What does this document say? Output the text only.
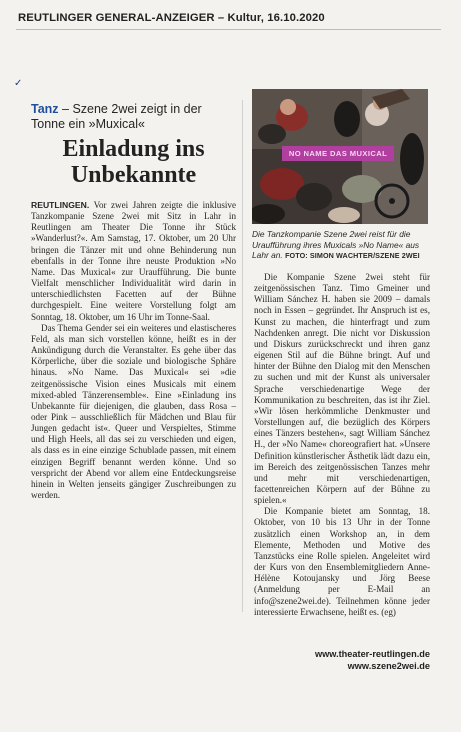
REUTLINGER GENERAL-ANZEIGER – Kultur, 16.10.2020
✓

Tanz – Szene 2wei zeigt in der Tonne ein »Muxical«

Einladung ins Unbekannte

REUTLINGEN. Vor zwei Jahren zeigte die inklusive Tanzkompanie Szene 2wei mit Sitz in Lahr in Reutlingen am Theater Die Tonne ihr Stück »Wanderlust?«. Am Samstag, 17. Oktober, um 20 Uhr bringen die Tänzer mit und ohne Behinderung nun ebenfalls in der Tonne ihre neuste Produktion »No Name. Das Muxical« zur Uraufführung. Die bunte Vielfalt menschlicher Individualität wird darin in unterschiedlichsten Facetten auf der Bühne durchgespielt. Eine weitere Vorstellung folgt am Sonntag, 18. Oktober, um 16 Uhr im Tonne-Saal.

Das Thema Gender sei ein weiteres und elastischeres Feld, als man sich vorstellen könne, heißt es in der Ankündigung durch die Veranstalter. Es gehe über das Körperliche, über die soziale und biologische Sphäre hinaus. »No Name. Das Muxical« sei »die zeitgenössische Vision eines Musicals mit einem mixed-abled Tänzerensemble«. Eine »Einladung ins Unbekannte für diejenigen, die glauben, dass Rosa – oder Pink – ausschließlich für Mädchen und Blau für Jungen gedacht ist«. Queer und Verspieltes, Stimme und High Heels, all das sei zu verschieden und eigen, als dass es in eine einzige Schublade passen, mit einem einzigen Begriff benannt werden könne. Und so verspricht der Abend vor allem eine Entdeckungsreise hinein in Welten jenseits gängiger Zuschreibungen zu werden.

NO NAME DAS MUXICAL
Die Tanzkompanie Szene 2wei reist für die Uraufführung ihres Muxicals »No Name« aus Lahr an. FOTO: SIMON WACHTER/SZENE 2WEI

Die Kompanie Szene 2wei steht für zeitgenössischen Tanz. Timo Gmeiner und William Sánchez H. haben sie 2009 – damals noch in Essen – gegründet. Ihr Anspruch ist es, Kunst zu machen, die hinterfragt und zum Nachdenken anregt. Die nicht vor Diskussion und Diskurs zurückschreckt und ihren ganz eigenen Stil auf die Bühne bringt. Auf und hinter der Bühne den Dialog mit den Menschen zu suchen und mit der Kunst als universaler Sprache verschiedenartige Wege der Kommunikation zu beschreiten, das ist ihr Ziel. »Wir lösen herkömmliche Denkmuster und Vorstellungen auf, die bezüglich des Körpers eines Tänzers bestehen«, sagt William Sánchez H., der »No Name« choreografiert hat. »Unsere Definition künstlerischer Ästhetik lädt dazu ein, im Bereich des zeitgenössischen Tanzes mehr und mehr mit verschiedenartigen, facettenreichen Körpern auf der Bühne zu spielen.«

Die Kompanie bietet am Sonntag, 18. Oktober, von 10 bis 13 Uhr in der Tonne zusätzlich einen Workshop an, in dem Elemente, Methoden und Motive des Tanzstücks eine Rolle spielen. Angeleitet wird der Kurs von den Ensemblemitgliedern Anne-Hélène Kotoujansky und Jörg Beese (Anmeldung per E-Mail an info@szene2wei.de). Teilnehmen könne jeder interessierte Erwachsene, heißt es. (eg)

www.theater-reutlingen.de
www.szene2wei.de
